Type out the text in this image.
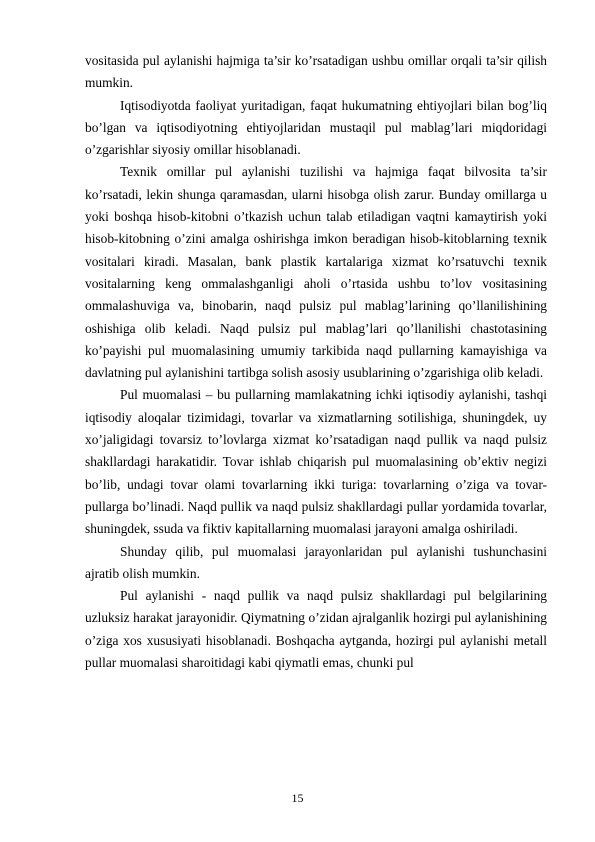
vositasida pul aylanishi hajmiga ta’sir ko’rsatadigan ushbu omillar orqali ta’sir qilish mumkin.

Iqtisodiyotda faoliyat yuritadigan, faqat hukumatning ehtiyojlari bilan bog’liq bo’lgan va iqtisodiyotning ehtiyojlaridan mustaqil pul mablag’lari miqdoridagi o’zgarishlar siyosiy omillar hisoblanadi.

Texnik omillar pul aylanishi tuzilishi va hajmiga faqat bilvosita ta’sir ko’rsatadi, lekin shunga qaramasdan, ularni hisobga olish zarur. Bunday omillarga u yoki boshqa hisob-kitobni o’tkazish uchun talab etiladigan vaqtni kamaytirish yoki hisob-kitobning o’zini amalga oshirishga imkon beradigan hisob-kitoblarning texnik vositalari kiradi. Masalan, bank plastik kartalariga xizmat ko’rsatuvchi texnik vositalarning keng ommalashganligi aholi o’rtasida ushbu to’lov vositasining ommalashuviga va, binobarin, naqd pulsiz pul mablag’larining qo’llanilishining oshishiga olib keladi. Naqd pulsiz pul mablag’lari qo’llanilishi chastotasining ko’payishi pul muomalasining umumiy tarkibida naqd pullarning kamayishiga va davlatning pul aylanishini tartibga solish asosiy usublarining o’zgarishiga olib keladi.

Pul muomalasi – bu pullarning mamlakatning ichki iqtisodiy aylanishi, tashqi iqtisodiy aloqalar tizimidagi, tovarlar va xizmatlarning sotilishiga, shuningdek, uy xo’jaligidagi tovarsiz to’lovlarga xizmat ko’rsatadigan naqd pullik va naqd pulsiz shakllardagi harakatidir. Tovar ishlab chiqarish pul muomalasining ob’ektiv negizi bo’lib, undagi tovar olami tovarlarning ikki turiga: tovarlarning o’ziga va tovar-pullarga bo’linadi. Naqd pullik va naqd pulsiz shakllardagi pullar yordamida tovarlar, shuningdek, ssuda va fiktiv kapitallarning muomalasi jarayoni amalga oshiriladi.

Shunday qilib, pul muomalasi jarayonlaridan pul aylanishi tushunchasini ajratib olish mumkin.

Pul aylanishi - naqd pullik va naqd pulsiz shakllardagi pul belgilarining uzluksiz harakat jarayonidir. Qiymatning o’zidan ajralganlik hozirgi pul aylanishining o’ziga xos xususiyati hisoblanadi. Boshqacha aytganda, hozirgi pul aylanishi metall pullar muomalasi sharoitidagi kabi qiymatli emas, chunki pul

15
